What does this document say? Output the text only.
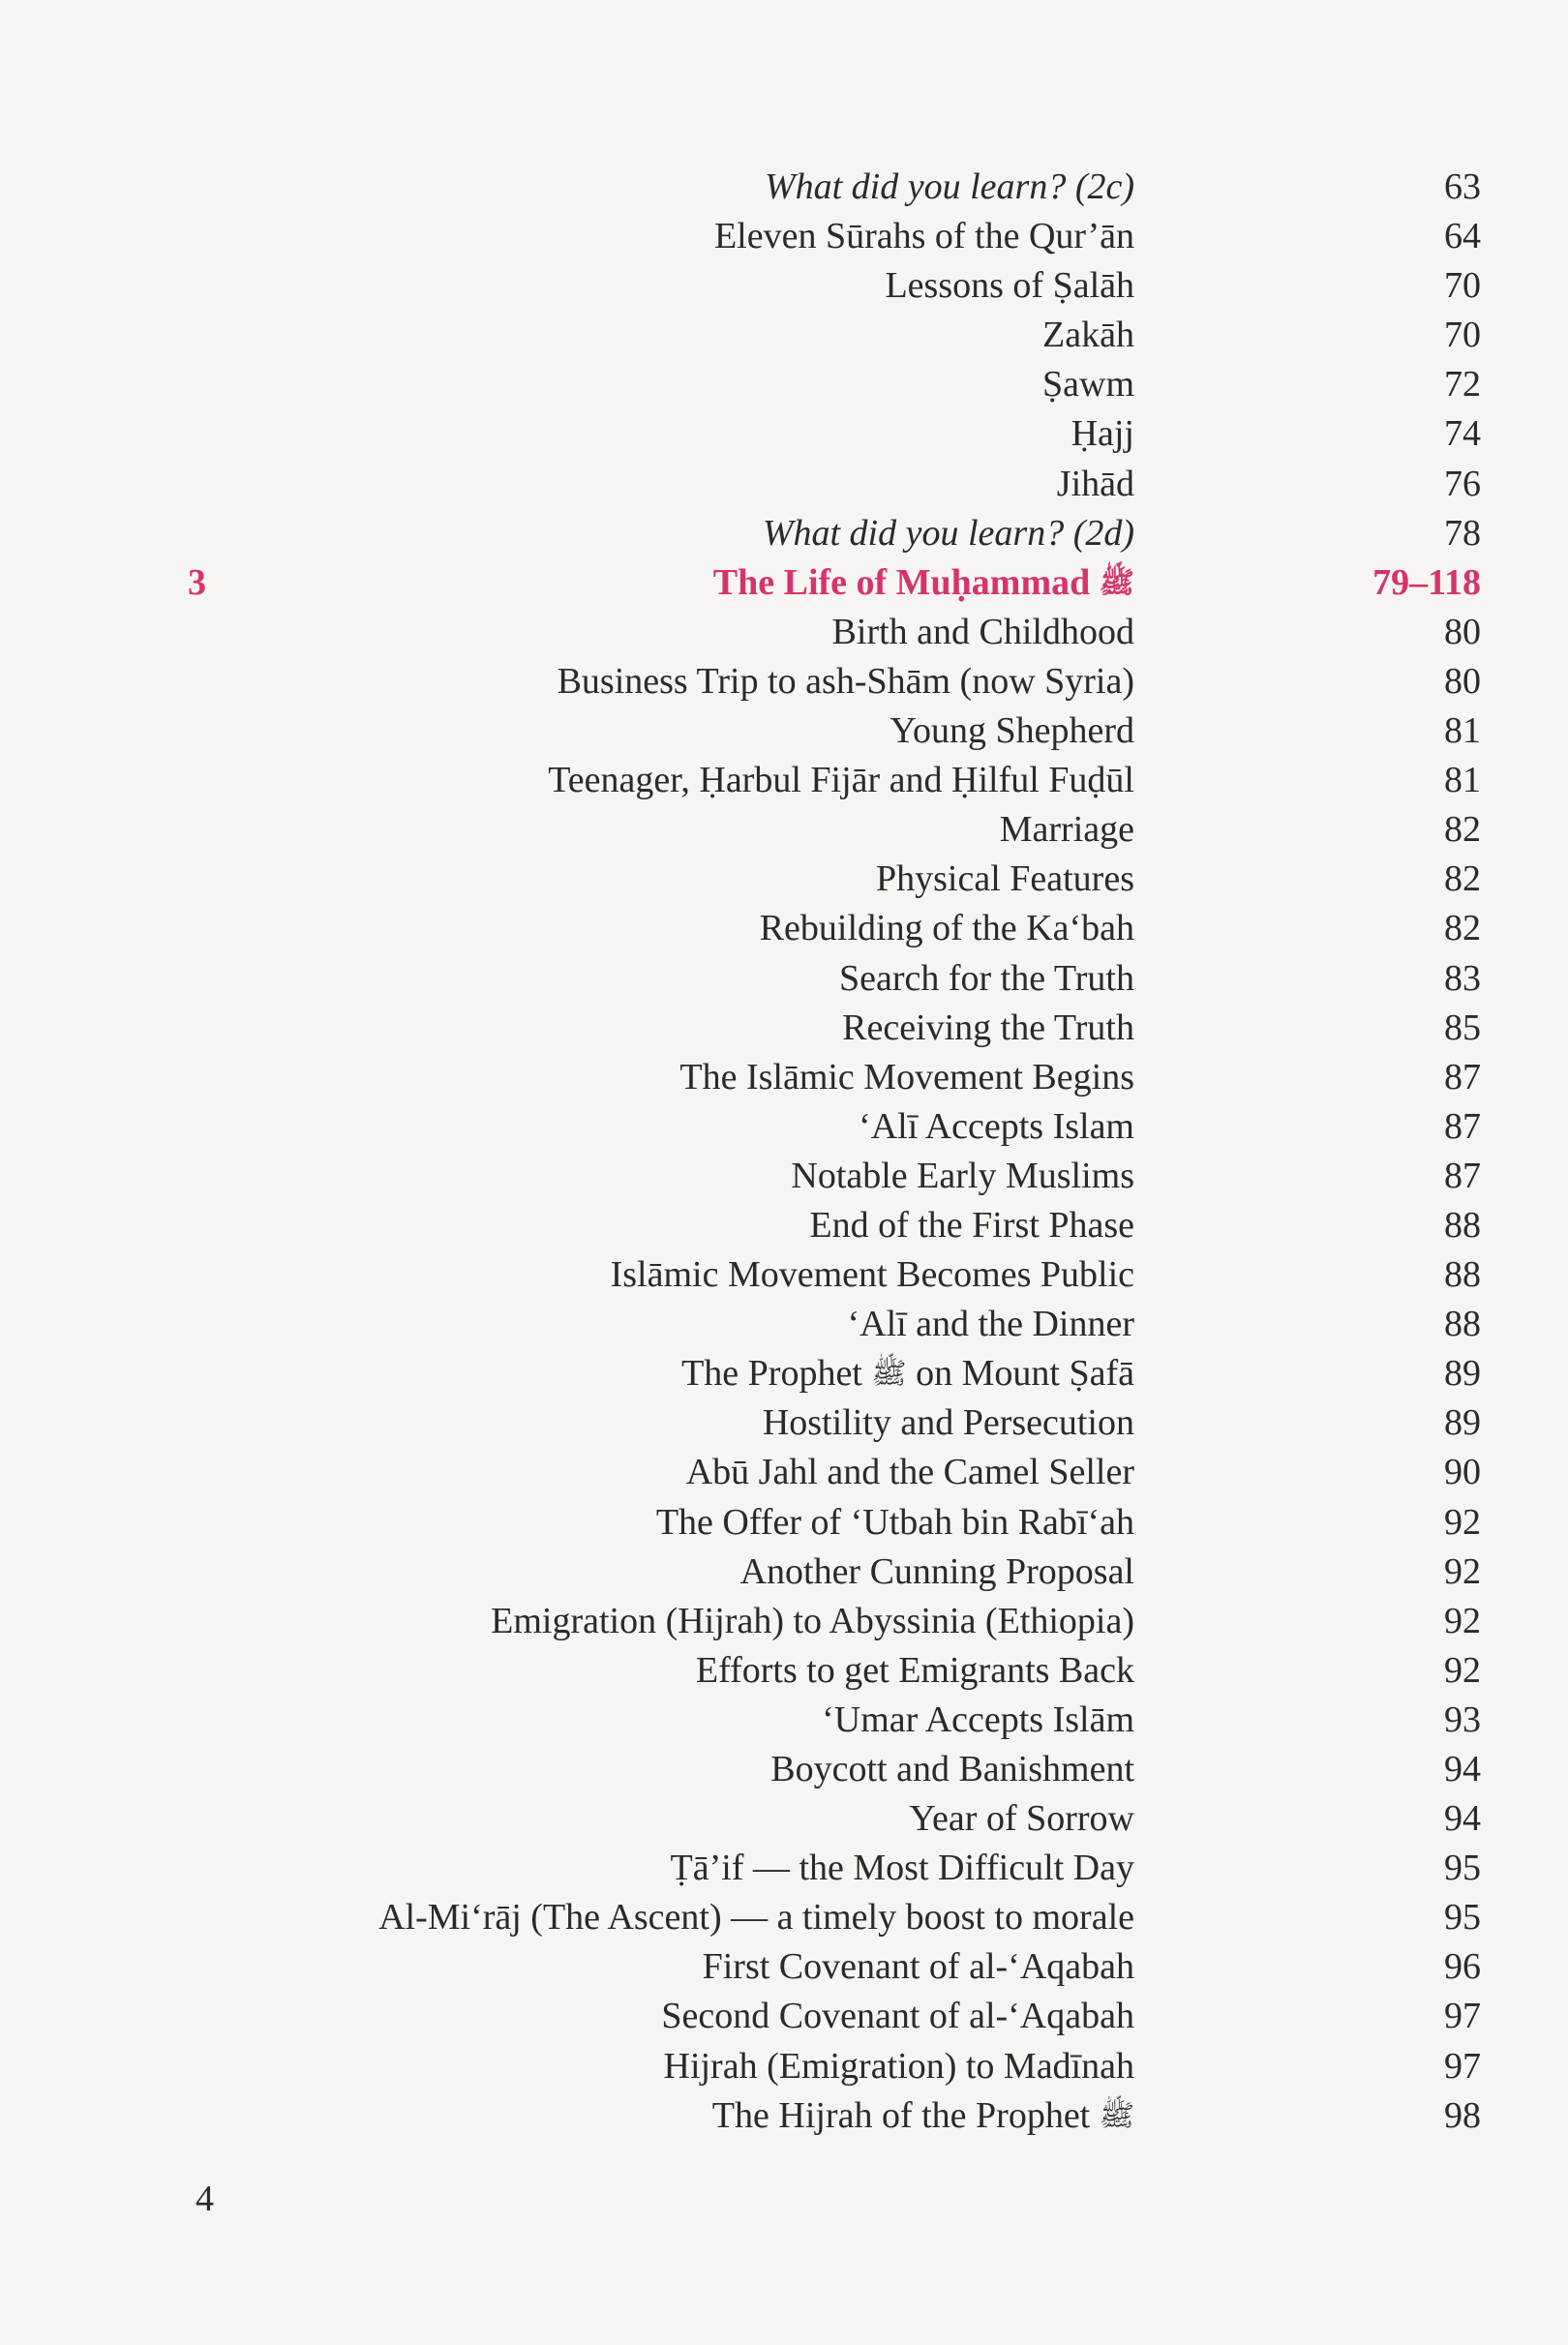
What did you learn? (2c)	63
Eleven Sūrahs of the Qur’ān	64
Lessons of Ṣalāh	70
Zakāh	70
Ṣawm	72
Ḥajj	74
Jihād	76
What did you learn? (2d)	78
3	The Life of Muḥammad ﷺ	79–118
Birth and Childhood	80
Business Trip to ash-Shām (now Syria)	80
Young Shepherd	81
Teenager, Ḥarbul Fijār and Ḥilful Fuḍūl	81
Marriage	82
Physical Features	82
Rebuilding of the Ka‘bah	82
Search for the Truth	83
Receiving the Truth	85
The Islāmic Movement Begins	87
‘Alī Accepts Islam	87
Notable Early Muslims	87
End of the First Phase	88
Islāmic Movement Becomes Public	88
‘Alī and the Dinner	88
The Prophet ﷺ on Mount Ṣafā	89
Hostility and Persecution	89
Abū Jahl and the Camel Seller	90
The Offer of ‘Utbah bin Rabī‘ah	92
Another Cunning Proposal	92
Emigration (Hijrah) to Abyssinia (Ethiopia)	92
Efforts to get Emigrants Back	92
‘Umar Accepts Islām	93
Boycott and Banishment	94
Year of Sorrow	94
Ṭā’if — the Most Difficult Day	95
Al-Mi‘rāj (The Ascent) — a timely boost to morale	95
First Covenant of al-‘Aqabah	96
Second Covenant of al-‘Aqabah	97
Hijrah (Emigration) to Madīnah	97
The Hijrah of the Prophet ﷺ	98
4
